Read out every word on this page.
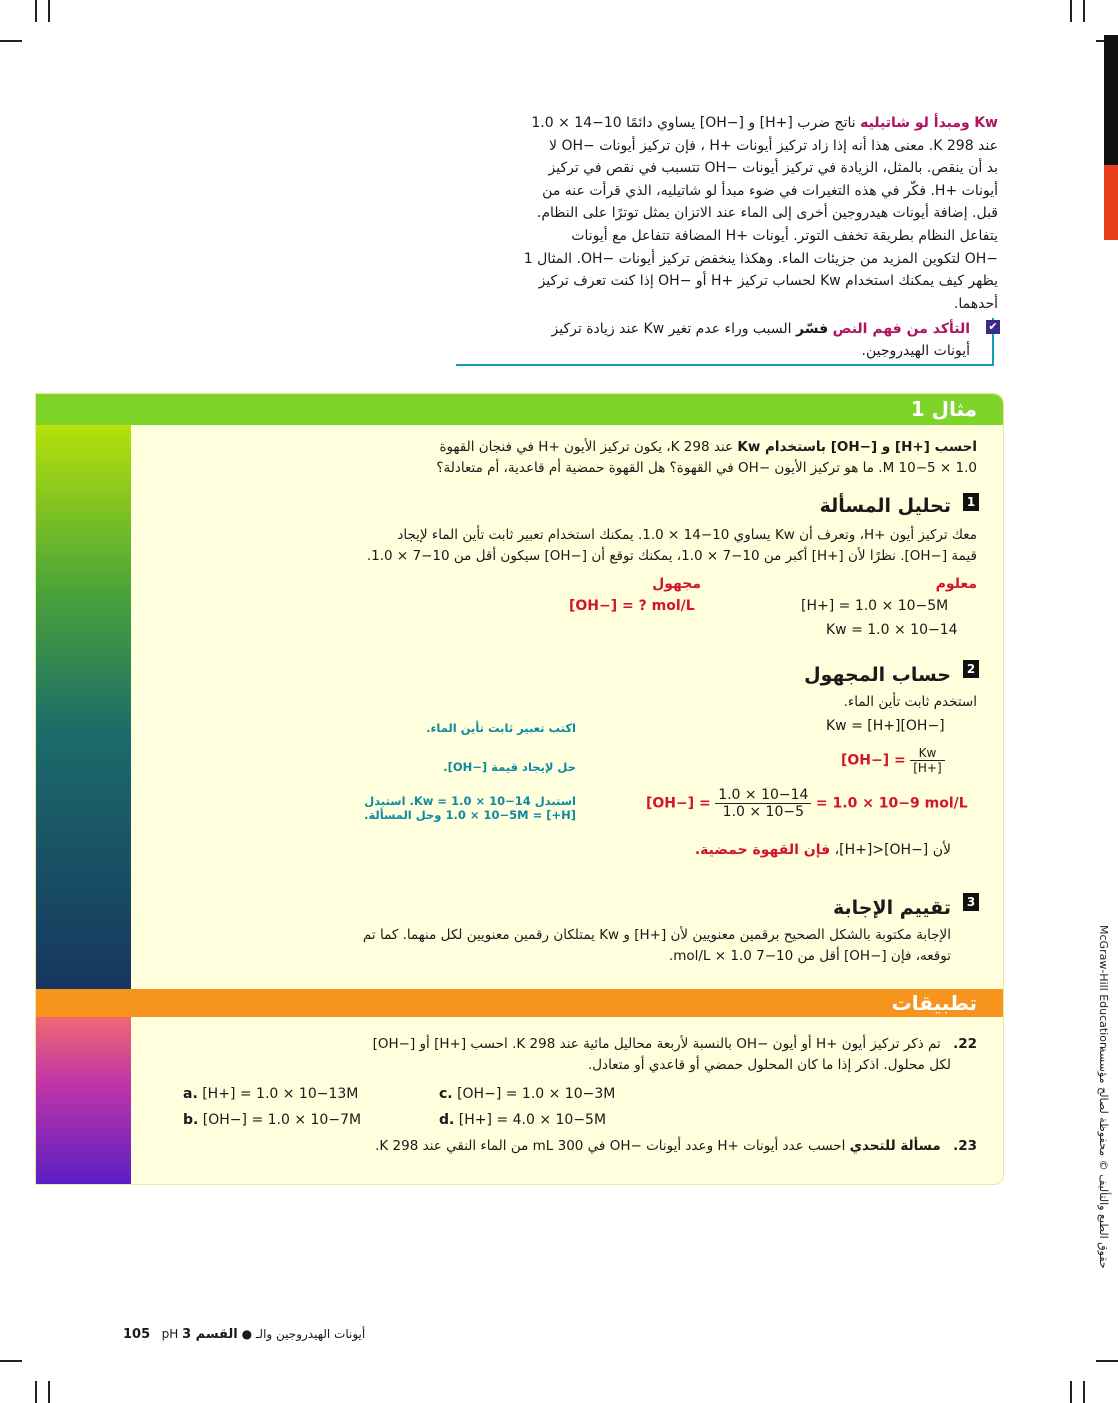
McGraw-Hill Education
حقوق الطبع والتأليف © محفوظة لصالح مؤسسة
Kw ومبدأ لو شاتيليه ناتج ضرب [+H] و [−OH] يساوي دائمًا 10−14 × 1.0
عند 298 K. معنى هذا أنه إذا زاد تركيز أيونات +H ، فإن تركيز أيونات −OH لا
بد أن ينقص. بالمثل، الزيادة في تركيز أيونات −OH تتسبب في نقص في تركيز
أيونات +H. فكّر في هذه التغيرات في ضوء مبدأ لو شاتيليه، الذي قرأت عنه من
قبل. إضافة أيونات هيدروجين أخرى إلى الماء عند الاتزان يمثل توترًا على النظام.
يتفاعل النظام بطريقة تخفف التوتر. أيونات +H المضافة تتفاعل مع أيونات
−OH لتكوين المزيد من جزيئات الماء. وهكذا ينخفض تركيز أيونات −OH. المثال 1
يظهر كيف يمكنك استخدام Kw لحساب تركيز +H أو −OH إذا كنت تعرف تركيز
أحدهما.
✔
التأكد من فهم النص فسّر السبب وراء عدم تغير Kw عند زيادة تركيز
أيونات الهيدروجين.
مثال 1
احسب [+H] و [−OH] باستخدام Kw عند 298 K، يكون تركيز الأيون +H في فنجان القهوة
1.0 × 10−5 M. ما هو تركيز الأيون −OH في القهوة؟ هل القهوة حمضية أم قاعدية، أم متعادلة؟
1
تحليل المسألة
معك تركيز أيون +H، وتعرف أن Kw يساوي 10−14 × 1.0. يمكنك استخدام تعبير ثابت تأين الماء لإيجاد
قيمة [−OH]. نظرًا لأن [+H] أكبر من 10−7 × 1.0، يمكنك توقع أن [−OH] سيكون أقل من 10−7 × 1.0.
معلوم
[H+] = 1.0 × 10−5M
Kw = 1.0 × 10−14
مجهول
[OH−] = ? mol/L
2
حساب المجهول
استخدم ثابت تأين الماء.
Kw = [H+][OH−]
اكتب تعبير ثابت تأين الماء.
$[OH-] = \frac{Kw}{[H+]}$
حل لإيجاد قيمة [−OH].
$[OH-] = \frac{1.0 \times 10-14}{1.0 \times 10-5} = 1.0 \times 10-9$ mol/L
استبدل Kw = 1.0 × 10−14. استبدل
[H+] = 1.0 × 10−5M وحل المسألة.
لأن [−OH]<[+H]، فإن القهوة حمضية.
3
تقييم الإجابة
الإجابة مكتوبة بالشكل الصحيح برقمين معنويين لأن [+H] و Kw يمتلكان رقمين معنويين لكل منهما. كما تم
توقعه، فإن [−OH] أقل من 10−7 mol/L × 1.0.
تطبيقات
22. تم ذكر تركيز أيون +H أو أيون −OH بالنسبة لأربعة محاليل مائية عند 298 K. احسب [+H] أو [−OH]
لكل محلول. اذكر إذا ما كان المحلول حمضي أو قاعدي أو متعادل.
a. [H+] = 1.0 × 10−13M
b. [OH−] = 1.0 × 10−7M
c. [OH−] = 1.0 × 10−3M
d. [H+] = 4.0 × 10−5M
23. مسألة للتحدي احسب عدد أيونات +H وعدد أيونات −OH في 300 mL من الماء النقي عند 298 K.
105 pH	أيونات الهيدروجين والـ ● القسم 3
